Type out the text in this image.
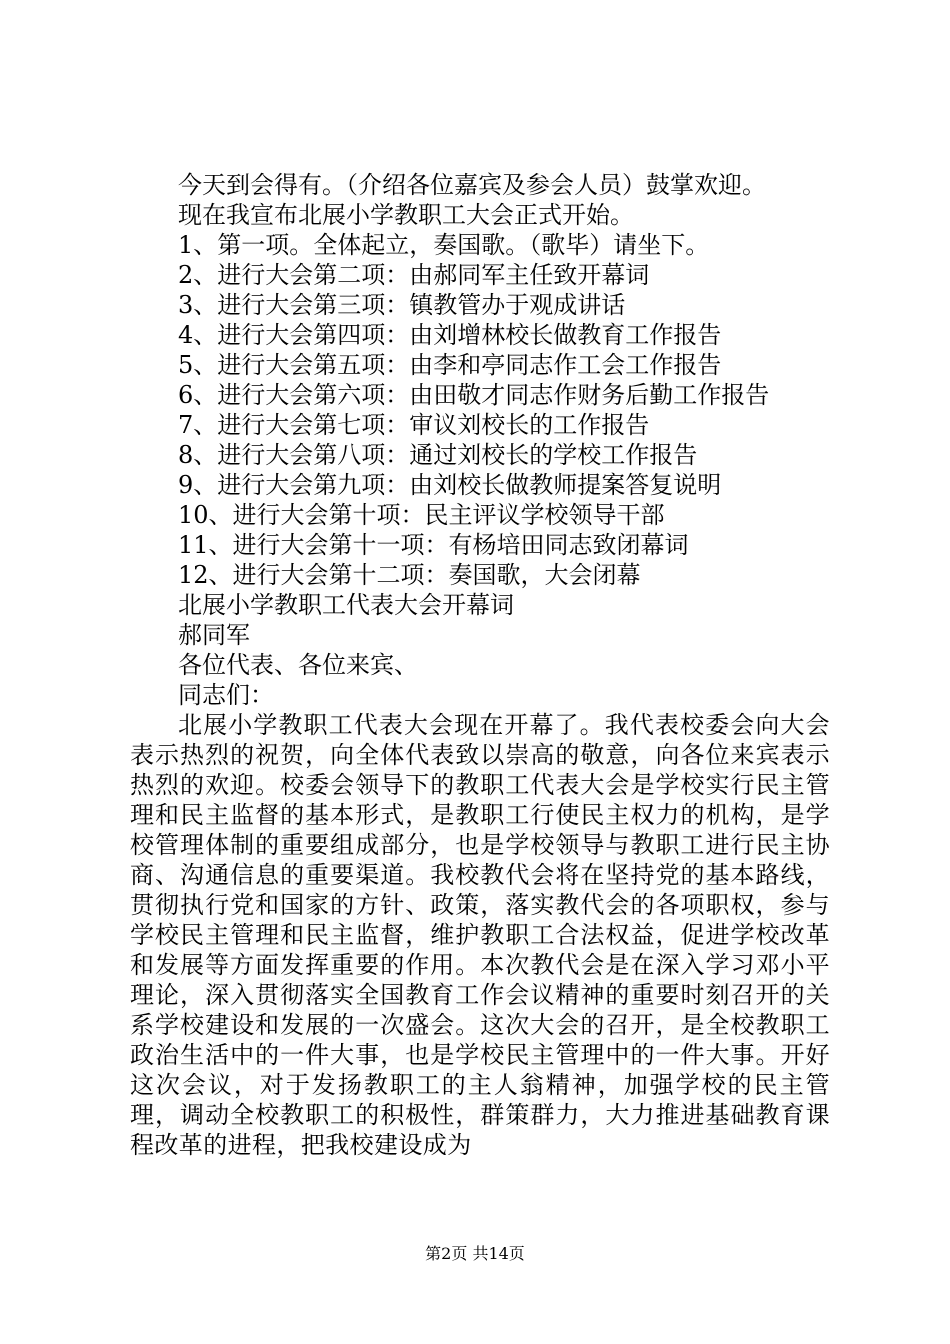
今天到会得有。（介绍各位嘉宾及参会人员）鼓掌欢迎。
现在我宣布北展小学教职工大会正式开始。
1、第一项。全体起立，奏国歌。（歌毕）请坐下。
2、进行大会第二项：由郝同军主任致开幕词
3、进行大会第三项：镇教管办于观成讲话
4、进行大会第四项：由刘增林校长做教育工作报告
5、进行大会第五项：由李和亭同志作工会工作报告
6、进行大会第六项：由田敬才同志作财务后勤工作报告
7、进行大会第七项：审议刘校长的工作报告
8、进行大会第八项：通过刘校长的学校工作报告
9、进行大会第九项：由刘校长做教师提案答复说明
10、进行大会第十项：民主评议学校领导干部
11、进行大会第十一项：有杨培田同志致闭幕词
12、进行大会第十二项：奏国歌，大会闭幕
北展小学教职工代表大会开幕词
郝同军
各位代表、各位来宾、
同志们：

北展小学教职工代表大会现在开幕了。我代表校委会向大会表示热烈的祝贺，向全体代表致以崇高的敬意，向各位来宾表示热烈的欢迎。校委会领导下的教职工代表大会是学校实行民主管理和民主监督的基本形式，是教职工行使民主权力的机构，是学校管理体制的重要组成部分，也是学校领导与教职工进行民主协商、沟通信息的重要渠道。我校教代会将在坚持党的基本路线，贯彻执行党和国家的方针、政策，落实教代会的各项职权，参与学校民主管理和民主监督，维护教职工合法权益，促进学校改革和发展等方面发挥重要的作用。本次教代会是在深入学习邓小平理论，深入贯彻落实全国教育工作会议精神的重要时刻召开的关系学校建设和发展的一次盛会。这次大会的召开，是全校教职工政治生活中的一件大事，也是学校民主管理中的一件大事。开好这次会议，对于发扬教职工的主人翁精神，加强学校的民主管理，调动全校教职工的积极性，群策群力，大力推进基础教育课程改革的进程，把我校建设成为

第2页 共14页
